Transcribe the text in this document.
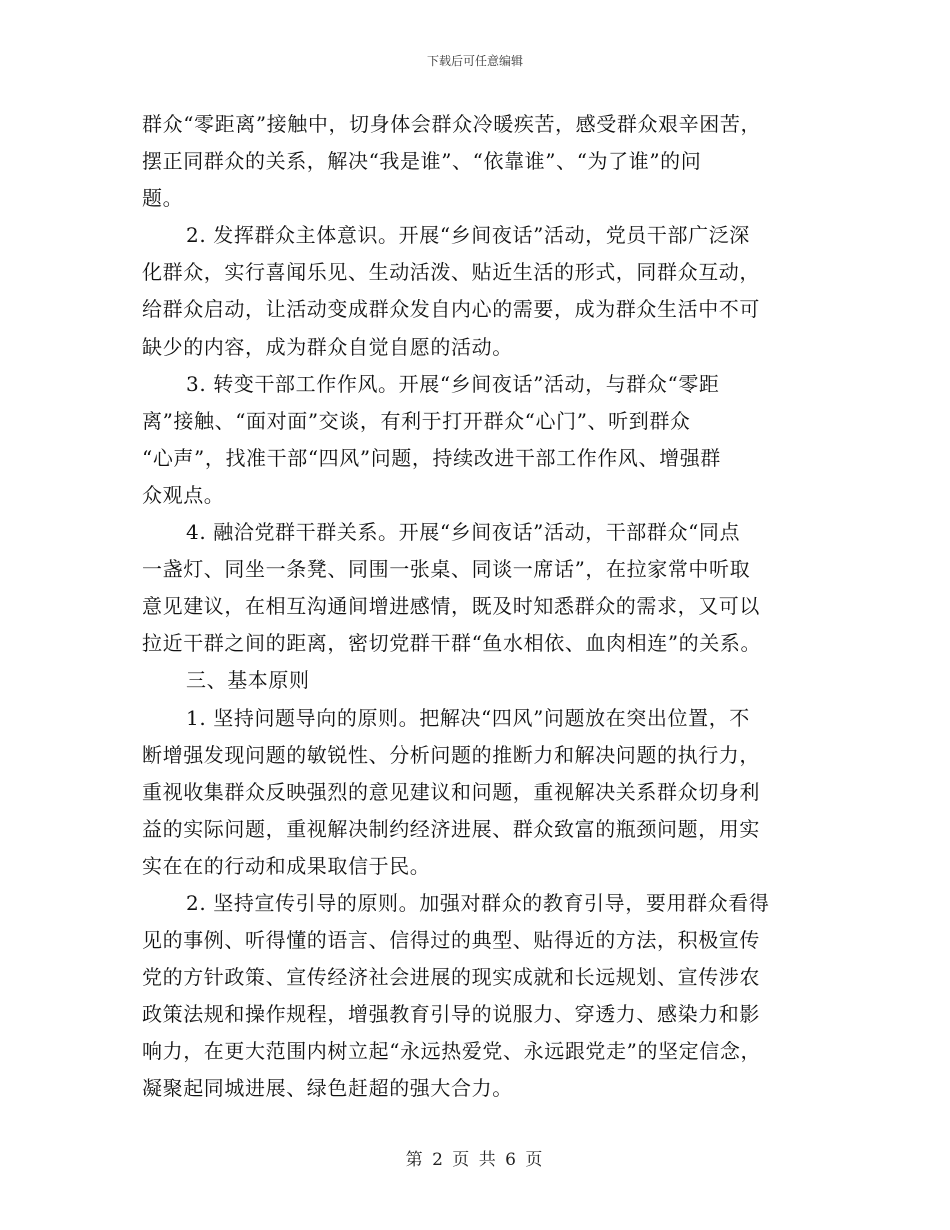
下载后可任意编辑
群众“零距离”接触中，切身体会群众冷暖疾苦，感受群众艰辛困苦，
摆正同群众的关系，解决“我是谁”、“依靠谁”、“为了谁”的问
题。
2. 发挥群众主体意识。开展“乡间夜话”活动，党员干部广泛深
化群众，实行喜闻乐见、生动活泼、贴近生活的形式，同群众互动，
给群众启动，让活动变成群众发自内心的需要，成为群众生活中不可
缺少的内容，成为群众自觉自愿的活动。
3. 转变干部工作作风。开展“乡间夜话”活动，与群众“零距
离”接触、“面对面”交谈，有利于打开群众“心门”、听到群众
“心声”，找准干部“四风”问题，持续改进干部工作作风、增强群
众观点。
4. 融洽党群干群关系。开展“乡间夜话”活动，干部群众“同点
一盏灯、同坐一条凳、同围一张桌、同谈一席话”，在拉家常中听取
意见建议，在相互沟通间增进感情，既及时知悉群众的需求，又可以
拉近干群之间的距离，密切党群干群“鱼水相依、血肉相连”的关系。
三、基本原则
1. 坚持问题导向的原则。把解决“四风”问题放在突出位置，不
断增强发现问题的敏锐性、分析问题的推断力和解决问题的执行力，
重视收集群众反映强烈的意见建议和问题，重视解决关系群众切身利
益的实际问题，重视解决制约经济进展、群众致富的瓶颈问题，用实
实在在的行动和成果取信于民。
2. 坚持宣传引导的原则。加强对群众的教育引导，要用群众看得
见的事例、听得懂的语言、信得过的典型、贴得近的方法，积极宣传
党的方针政策、宣传经济社会进展的现实成就和长远规划、宣传涉农
政策法规和操作规程，增强教育引导的说服力、穿透力、感染力和影
响力，在更大范围内树立起“永远热爱党、永远跟党走”的坚定信念，
凝聚起同城进展、绿色赶超的强大合力。
第 2 页 共 6 页
